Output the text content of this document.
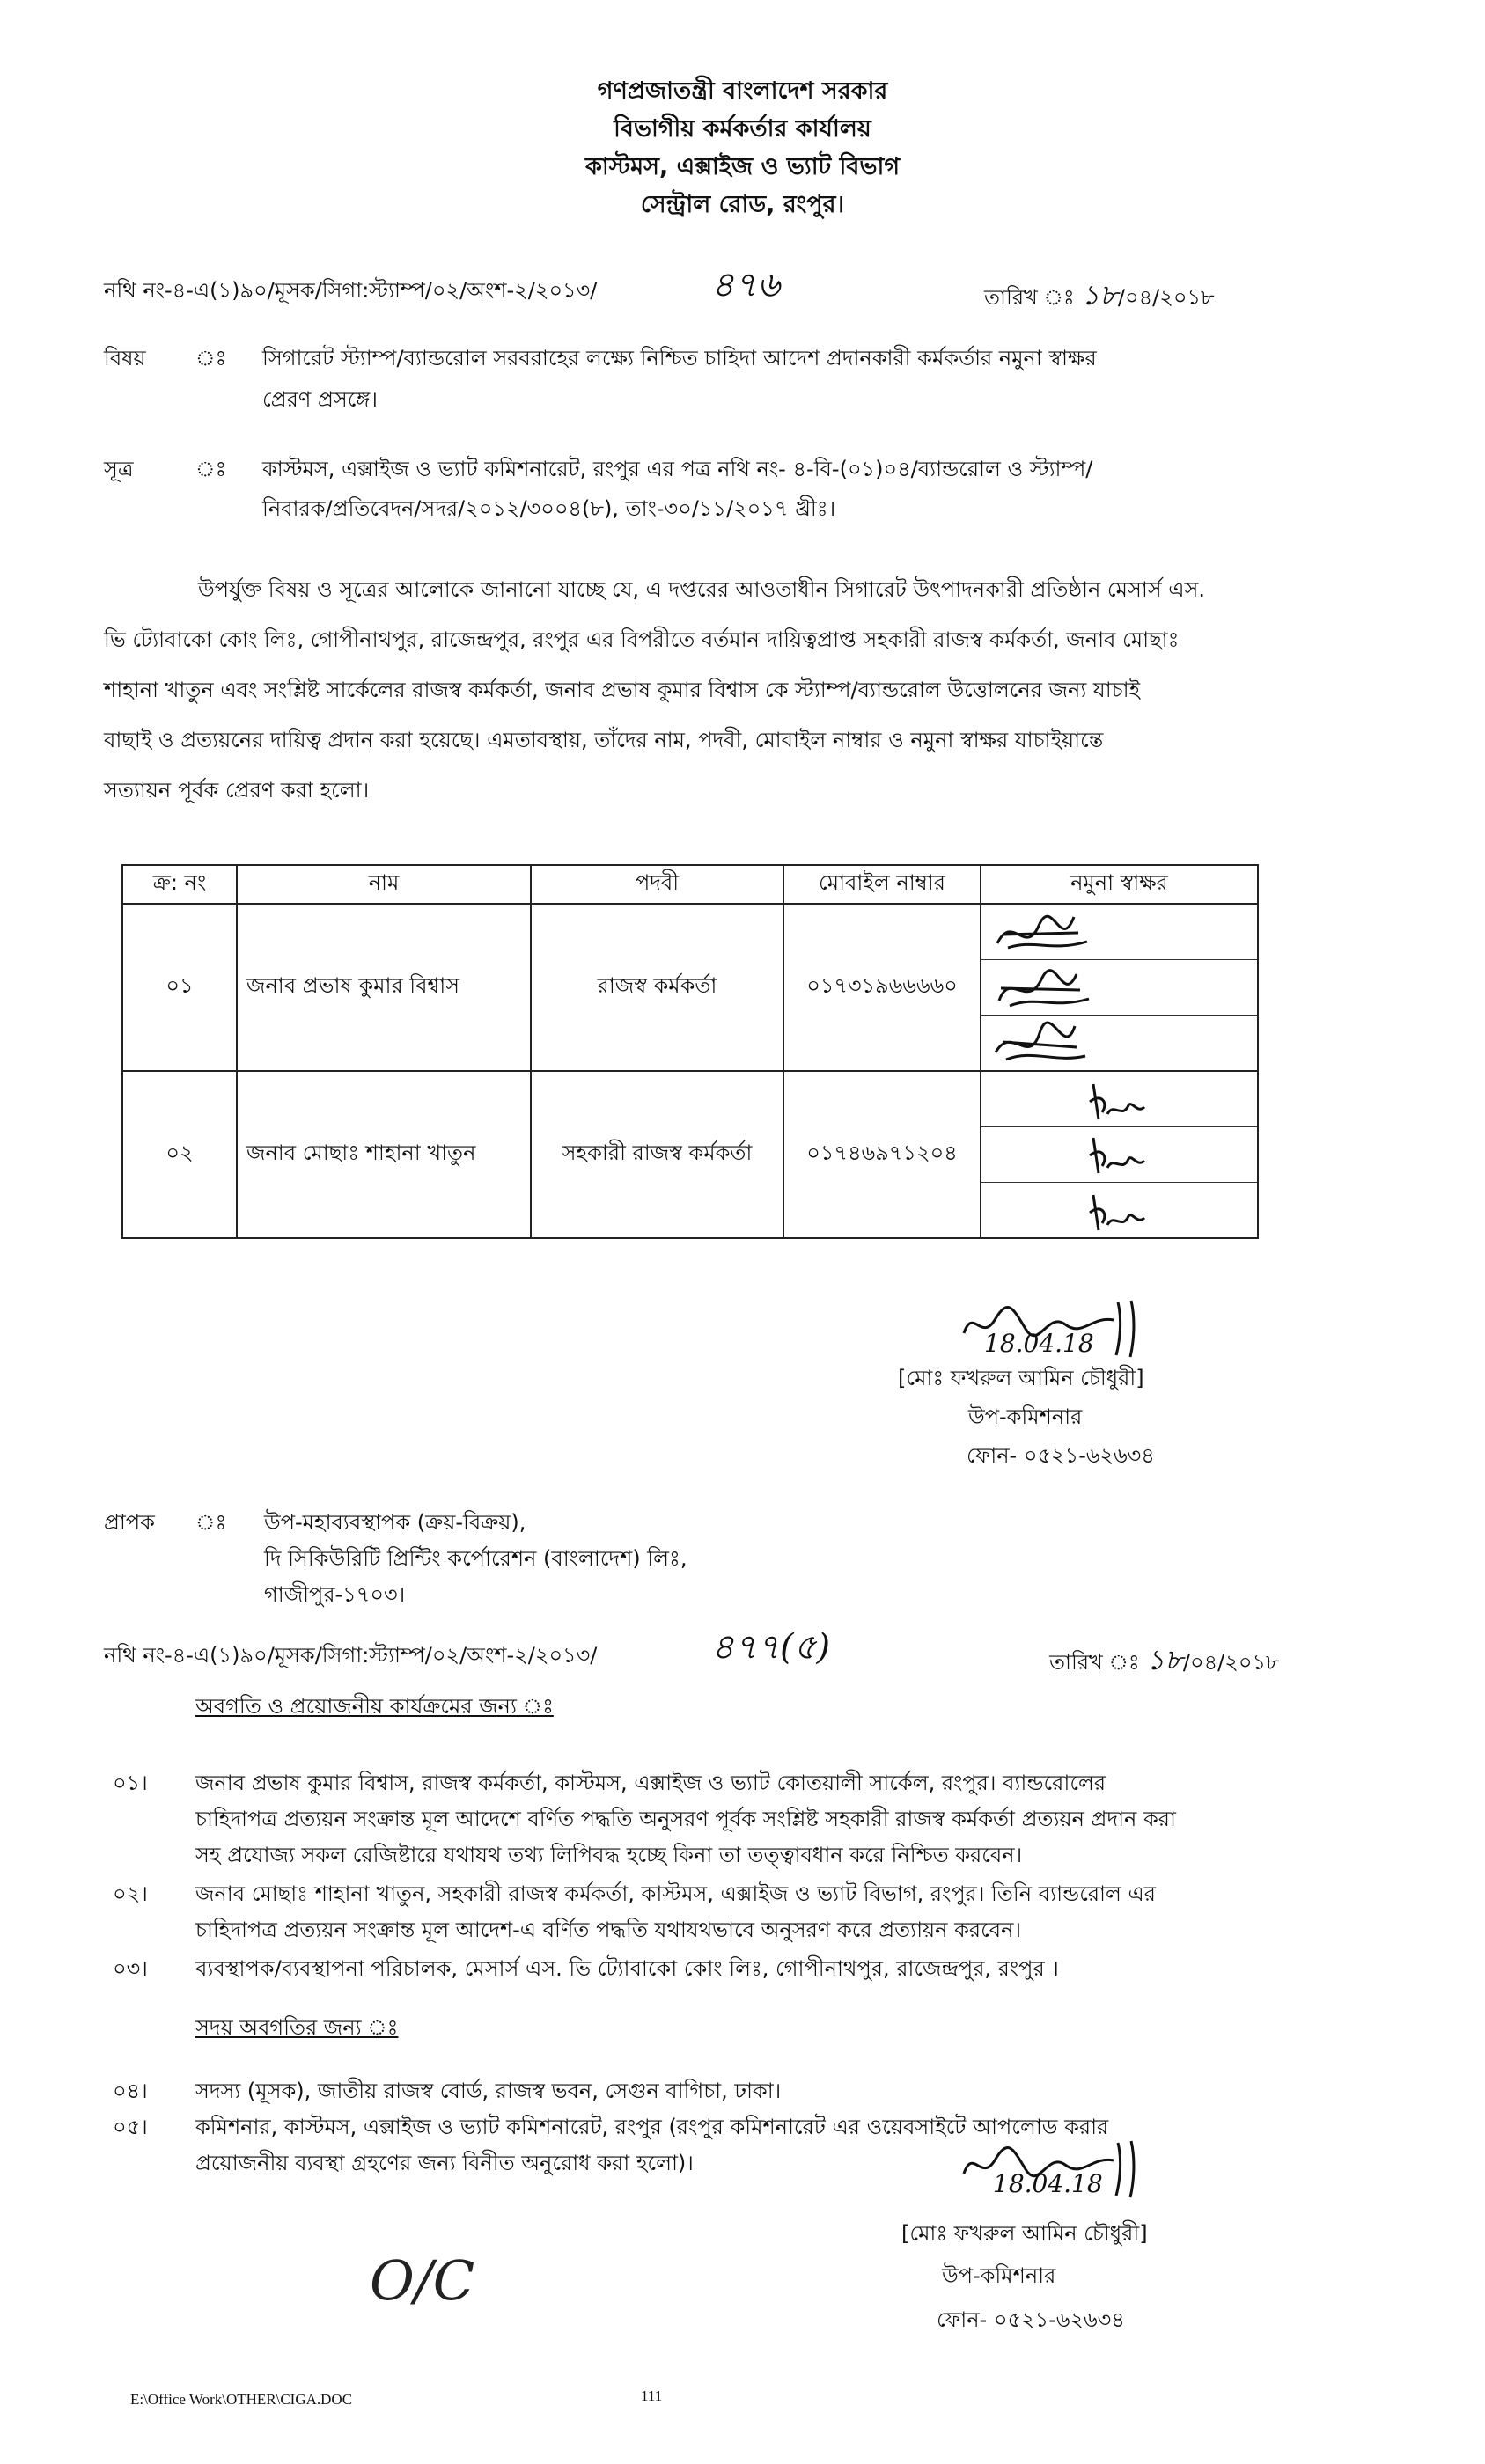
গণপ্রজাতন্ত্রী বাংলাদেশ সরকার
বিভাগীয় কর্মকর্তার কার্যালয়
কাস্টমস, এক্সাইজ ও ভ্যাট বিভাগ
সেন্ট্রাল রোড, রংপুর।
নথি নং-৪-এ(১)৯০/মূসক/সিগা:স্ট্যাম্প/০২/অংশ-২/২০১৩/	৪৭৬	তারিখ ঃ ১৮/০৪/২০১৮
বিষয় ঃ সিগারেট স্ট্যাম্প/ব্যান্ডরোল সরবরাহের লক্ষ্যে নিশ্চিত চাহিদা আদেশ প্রদানকারী কর্মকর্তার নমুনা স্বাক্ষর
প্রেরণ প্রসঙ্গে।
সূত্র	ঃ কাস্টমস, এক্সাইজ ও ভ্যাট কমিশনারেট, রংপুর এর পত্র নথি নং- ৪-বি-(০১)০৪/ব্যান্ডরোল ও স্ট্যাম্প/
নিবারক/প্রতিবেদন/সদর/২০১২/৩০০৪(৮), তাং-৩০/১১/২০১৭ খ্রীঃ।
উপর্যুক্ত বিষয় ও সূত্রের আলোকে জানানো যাচ্ছে যে, এ দপ্তরের আওতাধীন সিগারেট উৎপাদনকারী প্রতিষ্ঠান মেসার্স এস.
ভি ট্যোবাকো কোং লিঃ, গোপীনাথপুর, রাজেন্দ্রপুর, রংপুর এর বিপরীতে বর্তমান দায়িত্বপ্রাপ্ত সহকারী রাজস্ব কর্মকর্তা, জনাব মোছাঃ
শাহানা খাতুন এবং সংশ্লিষ্ট সার্কেলের রাজস্ব কর্মকর্তা, জনাব প্রভাষ কুমার বিশ্বাস কে স্ট্যাম্প/ব্যান্ডরোল উত্তোলনের জন্য যাচাই
বাছাই ও প্রত্যয়নের দায়িত্ব প্রদান করা হয়েছে। এমতাবস্থায়, তাঁদের নাম, পদবী, মোবাইল নাম্বার ও নমুনা স্বাক্ষর যাচাইয়ান্তে
সত্যায়ন পূর্বক প্রেরণ করা হলো।
ক্র: নং	নাম	পদবী	মোবাইল নাম্বার	নমুনা স্বাক্ষর
০১	জনাব প্রভাষ কুমার বিশ্বাস	রাজস্ব কর্মকর্তা	০১৭৩১৯৬৬৬৬০	

০২	জনাব মোছাঃ শাহানা খাতুন	সহকারী রাজস্ব কর্মকর্তা	০১৭৪৬৯৭১২০৪	
18.04.18
[মোঃ ফখরুল আমিন চৌধুরী]
উপ-কমিশনার
ফোন- ০৫২১-৬২৬৩৪
প্রাপক ঃ উপ-মহাব্যবস্থাপক (ক্রয়-বিক্রয়),
দি সিকিউরিটি প্রিন্টিং কর্পোরেশন (বাংলাদেশ) লিঃ,
গাজীপুর-১৭০৩।
নথি নং-৪-এ(১)৯০/মূসক/সিগা:স্ট্যাম্প/০২/অংশ-২/২০১৩/	৪৭৭(৫)	তারিখ ঃ ১৮/০৪/২০১৮
অবগতি ও প্রয়োজনীয় কার্যক্রমের জন্য ঃ
০১। জনাব প্রভাষ কুমার বিশ্বাস, রাজস্ব কর্মকর্তা, কাস্টমস, এক্সাইজ ও ভ্যাট কোতয়ালী সার্কেল, রংপুর। ব্যান্ডরোলের
চাহিদাপত্র প্রত্যয়ন সংক্রান্ত মূল আদেশে বর্ণিত পদ্ধতি অনুসরণ পূর্বক সংশ্লিষ্ট সহকারী রাজস্ব কর্মকর্তা প্রত্যয়ন প্রদান করা
সহ প্রযোজ্য সকল রেজিষ্টারে যথাযথ তথ্য লিপিবদ্ধ হচ্ছে কিনা তা তত্ত্বাবধান করে নিশ্চিত করবেন।
০২। জনাব মোছাঃ শাহানা খাতুন, সহকারী রাজস্ব কর্মকর্তা, কাস্টমস, এক্সাইজ ও ভ্যাট বিভাগ, রংপুর। তিনি ব্যান্ডরোল এর
চাহিদাপত্র প্রত্যয়ন সংক্রান্ত মূল আদেশ-এ বর্ণিত পদ্ধতি যথাযথভাবে অনুসরণ করে প্রত্যায়ন করবেন।
০৩। ব্যবস্থাপক/ব্যবস্থাপনা পরিচালক, মেসার্স এস. ভি ট্যোবাকো কোং লিঃ, গোপীনাথপুর, রাজেন্দ্রপুর, রংপুর ।
সদয় অবগতির জন্য ঃ
০৪। সদস্য (মূসক), জাতীয় রাজস্ব বোর্ড, রাজস্ব ভবন, সেগুন বাগিচা, ঢাকা।
০৫। কমিশনার, কাস্টমস, এক্সাইজ ও ভ্যাট কমিশনারেট, রংপুর (রংপুর কমিশনারেট এর ওয়েবসাইটে আপলোড করার
প্রয়োজনীয় ব্যবস্থা গ্রহণের জন্য বিনীত অনুরোধ করা হলো)।
O/C
18.04.18
[মোঃ ফখরুল আমিন চৌধুরী]
উপ-কমিশনার
ফোন- ০৫২১-৬২৬৩৪
E:\Office Work\OTHER\CIGA.DOC	111
